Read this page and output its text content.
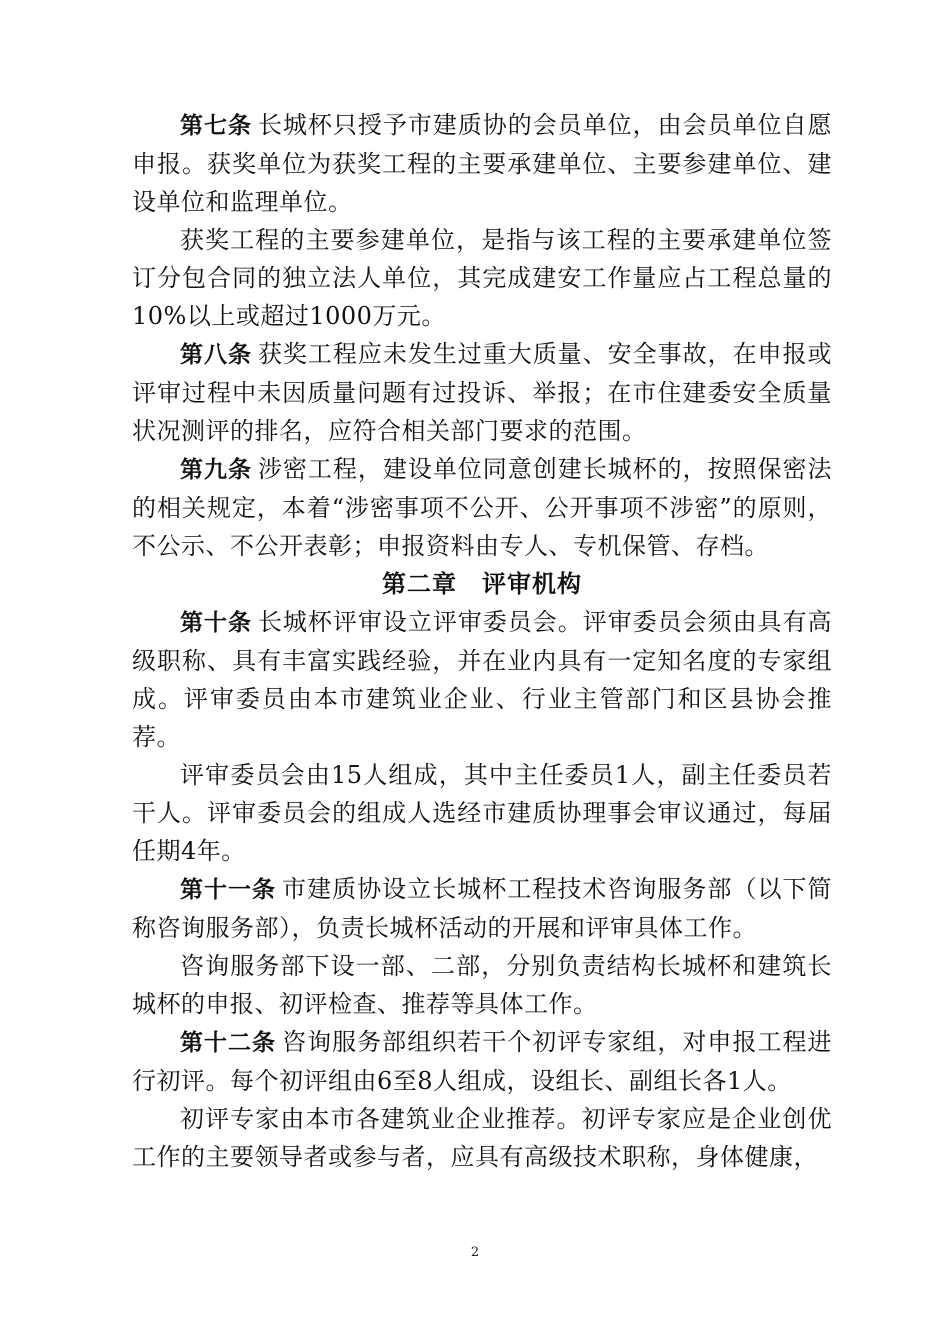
第七条 长城杯只授予市建质协的会员单位，由会员单位自愿申报。获奖单位为获奖工程的主要承建单位、主要参建单位、建设单位和监理单位。

获奖工程的主要参建单位，是指与该工程的主要承建单位签订分包合同的独立法人单位，其完成建安工作量应占工程总量的10%以上或超过1000万元。

第八条 获奖工程应未发生过重大质量、安全事故，在申报或评审过程中未因质量问题有过投诉、举报；在市住建委安全质量状况测评的排名，应符合相关部门要求的范围。

第九条 涉密工程，建设单位同意创建长城杯的，按照保密法的相关规定，本着“涉密事项不公开、公开事项不涉密”的原则，不公示、不公开表彰；申报资料由专人、专机保管、存档。

第二章　评审机构

第十条 长城杯评审设立评审委员会。评审委员会须由具有高级职称、具有丰富实践经验，并在业内具有一定知名度的专家组成。评审委员由本市建筑业企业、行业主管部门和区县协会推荐。

评审委员会由15人组成，其中主任委员1人，副主任委员若干人。评审委员会的组成人选经市建质协理事会审议通过，每届任期4年。

第十一条 市建质协设立长城杯工程技术咨询服务部（以下简称咨询服务部），负责长城杯活动的开展和评审具体工作。

咨询服务部下设一部、二部，分别负责结构长城杯和建筑长城杯的申报、初评检查、推荐等具体工作。

第十二条 咨询服务部组织若干个初评专家组，对申报工程进行初评。每个初评组由6至8人组成，设组长、副组长各1人。

初评专家由本市各建筑业企业推荐。初评专家应是企业创优工作的主要领导者或参与者，应具有高级技术职称，身体健康，

2
